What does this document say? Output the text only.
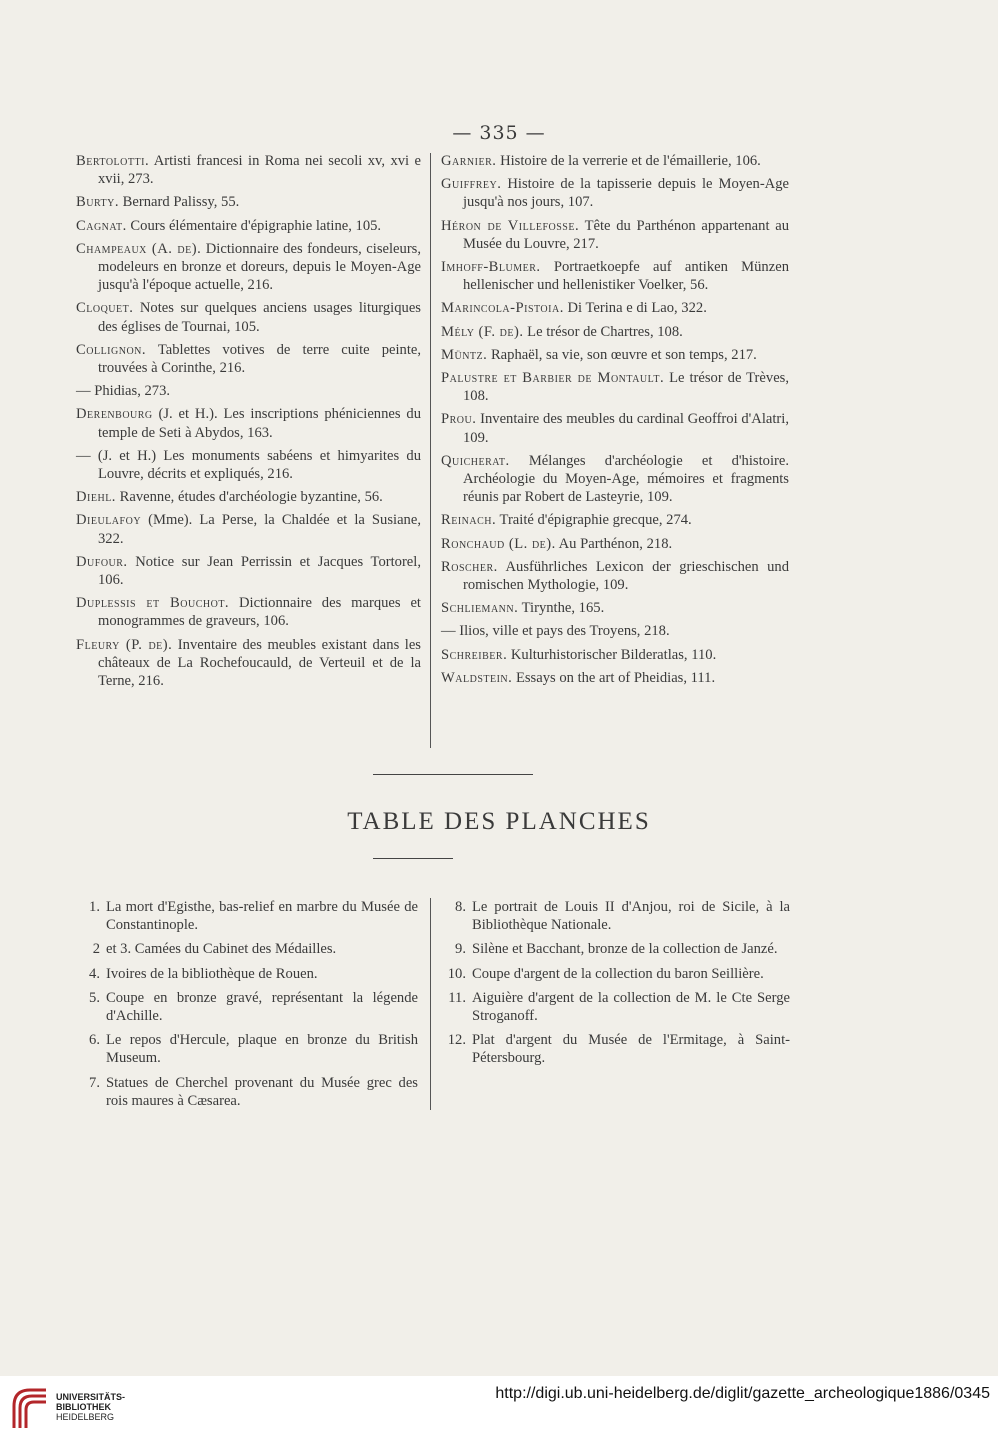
— 335 —
Bertolotti. Artisti francesi in Roma nei secoli xv, xvi e xvii, 273.
Burty. Bernard Palissy, 55.
Cagnat. Cours élémentaire d'épigraphie latine, 105.
Champeaux (A. de). Dictionnaire des fondeurs, ciseleurs, modeleurs en bronze et doreurs, depuis le Moyen-Age jusqu'à l'époque actuelle, 216.
Cloquet. Notes sur quelques anciens usages liturgiques des églises de Tournai, 105.
Collignon. Tablettes votives de terre cuite peinte, trouvées à Corinthe, 216.
— Phidias, 273.
Derenbourg (J. et H.). Les inscriptions phéniciennes du temple de Seti à Abydos, 163.
— (J. et H.) Les monuments sabéens et himyarites du Louvre, décrits et expliqués, 216.
Diehl. Ravenne, études d'archéologie byzantine, 56.
Dieulafoy (Mme). La Perse, la Chaldée et la Susiane, 322.
Dufour. Notice sur Jean Perrissin et Jacques Tortorel, 106.
Duplessis et Bouchot. Dictionnaire des marques et monogrammes de graveurs, 106.
Fleury (P. de). Inventaire des meubles existant dans les châteaux de La Rochefoucauld, de Verteuil et de la Terne, 216.
Garnier. Histoire de la verrerie et de l'émaillerie, 106.
Guiffrey. Histoire de la tapisserie depuis le Moyen-Age jusqu'à nos jours, 107.
Héron de Villefosse. Tête du Parthénon appartenant au Musée du Louvre, 217.
Imhoff-Blumer. Portraetkoepfe auf antiken Münzen hellenischer und hellenistiker Voelker, 56.
Marincola-Pistoia. Di Terina e di Lao, 322.
Mély (F. de). Le trésor de Chartres, 108.
Müntz. Raphaël, sa vie, son œuvre et son temps, 217.
Palustre et Barbier de Montault. Le trésor de Trèves, 108.
Prou. Inventaire des meubles du cardinal Geoffroi d'Alatri, 109.
Quicherat. Mélanges d'archéologie et d'histoire. Archéologie du Moyen-Age, mémoires et fragments réunis par Robert de Lasteyrie, 109.
Reinach. Traité d'épigraphie grecque, 274.
Ronchaud (L. de). Au Parthénon, 218.
Roscher. Ausführliches Lexicon der grieschischen und romischen Mythologie, 109.
Schliemann. Tirynthe, 165.
— Ilios, ville et pays des Troyens, 218.
Schreiber. Kulturhistorischer Bilderatlas, 110.
Waldstein. Essays on the art of Pheidias, 111.
TABLE DES PLANCHES
1. La mort d'Egisthe, bas-relief en marbre du Musée de Constantinople.
2 et 3. Camées du Cabinet des Médailles.
4. Ivoires de la bibliothèque de Rouen.
5. Coupe en bronze gravé, représentant la légende d'Achille.
6. Le repos d'Hercule, plaque en bronze du British Museum.
7. Statues de Cherchel provenant du Musée grec des rois maures à Cæsarea.
8. Le portrait de Louis II d'Anjou, roi de Sicile, à la Bibliothèque Nationale.
9. Silène et Bacchant, bronze de la collection de Janzé.
10. Coupe d'argent de la collection du baron Seillière.
11. Aiguière d'argent de la collection de M. le Cte Serge Stroganoff.
12. Plat d'argent du Musée de l'Ermitage, à Saint-Pétersbourg.
UNIVERSITÄTS-
BIBLIOTHEK
HEIDELBERG
http://digi.ub.uni-heidelberg.de/diglit/gazette_archeologique1886/0345
